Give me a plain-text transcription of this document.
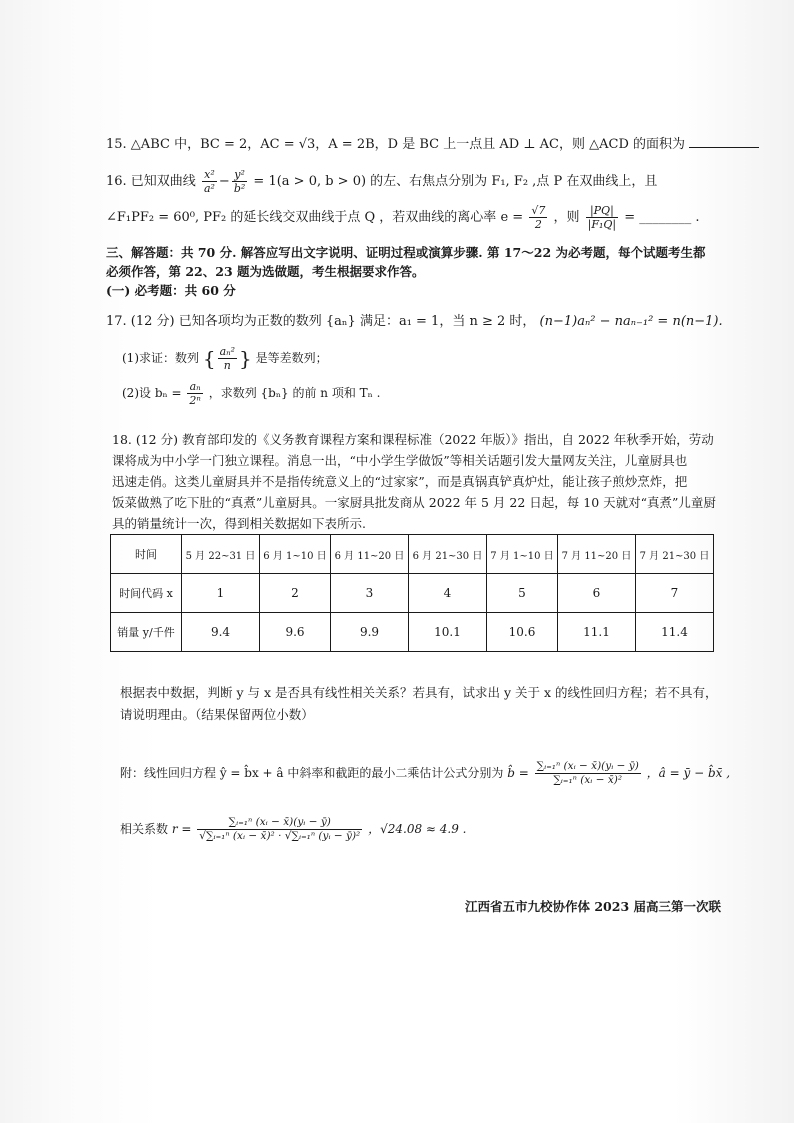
15. △ABC 中，BC = 2，AC = √3，A = 2B，D 是 BC 上一点且 AD ⊥ AC，则 △ACD 的面积为
16. 已知双曲线 $\frac{\text{x²}}{\text{a²}} - \frac{\text{y²}}{\text{b²}} = 1(a > 0$, b > 0) 的左、右焦点分别为 F₁, F₂ ,点 P 在双曲线上，且
∠F₁PF₂ = 60⁰, PF₂ 的延长线交双曲线于点 Q ，若双曲线的离心率 $e = \frac{√7}{2}$ ，则 $\frac{|PQ|}{\text{|F₁Q|}}$ = ________ .
三、解答题：共 70 分. 解答应写出文字说明、证明过程或演算步骤. 第 17～22 为必考题，每个试题考生都
必须作答，第 22、23 题为选做题，考生根据要求作答。
(一) 必考题：共 60 分
17. (12 分) 已知各项均为正数的数列 {aₙ} 满足：a₁ = 1，当 n ≥ 2 时， (n−1)aₙ² − naₙ₋₁² = n(n−1).
(1)求证：数列 { $\frac{\text{aₙ²}}{n}$ } 是等差数列；
(2)设 $b_n = \frac{\text{aₙ}}{\text{2ⁿ}}$ ，求数列 {bₙ} 的前 n 项和 Tₙ .
18. (12 分) 教育部印发的《义务教育课程方案和课程标准（2022 年版）》指出，自 2022 年秋季开始，劳动
课将成为中小学一门独立课程。消息一出，“中小学生学做饭”等相关话题引发大量网友关注，儿童厨具也
迅速走俏。这类儿童厨具并不是指传统意义上的“过家家”，而是真锅真铲真炉灶，能让孩子煎炒烹炸，把
饭菜做熟了吃下肚的“真煮”儿童厨具。一家厨具批发商从 2022 年 5 月 22 日起，每 10 天就对“真煮”儿童厨
具的销量统计一次，得到相关数据如下表所示.
时间	5 月 22~31 日	6 月 1~10 日	6 月 11~20 日	6 月 21~30 日	7 月 1~10 日	7 月 11~20 日	7 月 21~30 日
时间代码 x	1	2	3	4	5	6	7
销量 y/千件	9.4	9.6	9.9	10.1	10.6	11.1	11.4
根据表中数据，判断 y 与 x 是否具有线性相关关系？若具有，试求出 y 关于 x 的线性回归方程；若不具有，
请说明理由。（结果保留两位小数）
附：线性回归方程 ŷ = b̂x + â 中斜率和截距的最小二乘估计公式分别为 b̂ = $\frac{\text{∑ᵢ₌₁ⁿ (xᵢ − x̄)(yᵢ − ȳ)}}{\text{∑ᵢ₌₁ⁿ (xᵢ − x̄)²}}$ ，â = ȳ − b̂x̄ ,
相关系数 $r = \frac{\text{∑ᵢ₌₁ⁿ (xᵢ − x̄)(yᵢ − ȳ)}}{\text{√∑ᵢ₌₁ⁿ (xᵢ − x̄)² · √∑ᵢ₌₁ⁿ (yᵢ − ȳ)²}}$ ，√24.08 ≈ 4.9 .
江西省五市九校协作体 2023 届高三第一次联
